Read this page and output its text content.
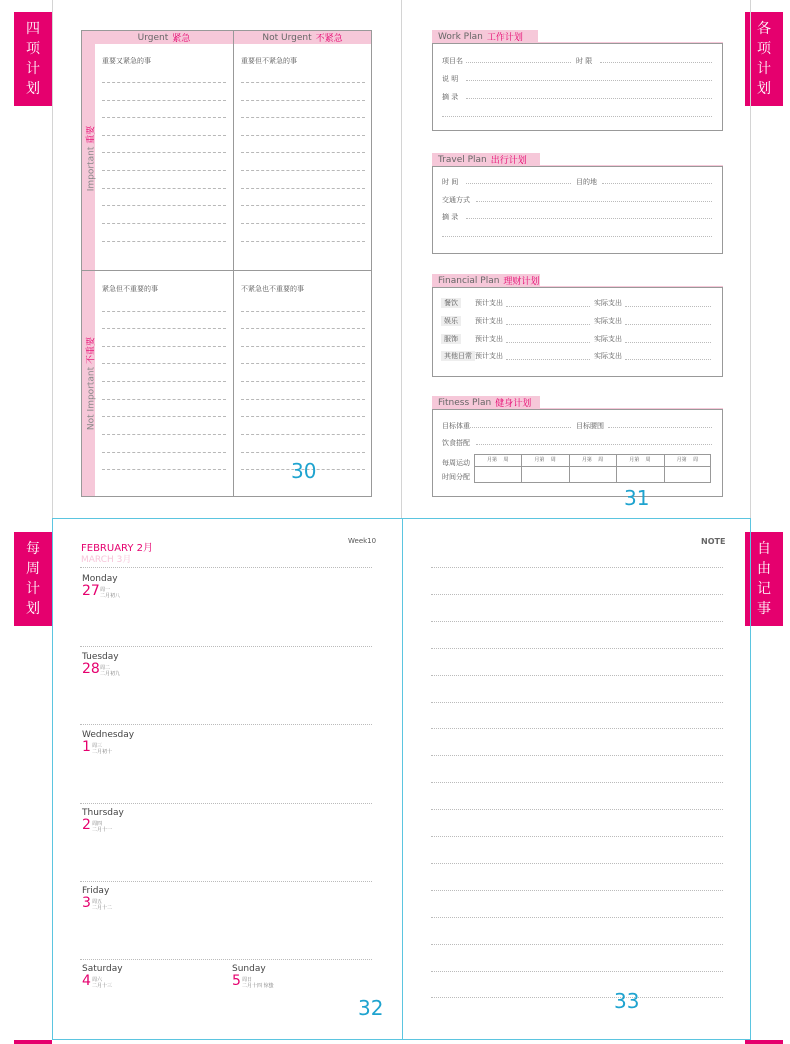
四
项
计
划
各
项
计
划
每
周
计
划
自
由
记
事
Urgent 紧急	Not Urgent 不紧急
Important 重要
Not Important 不重要
重要又紧急的事	重要但不紧急的事
紧急但不重要的事	不紧急也不重要的事
30
Work Plan 工作计划
项目名	时 限
说 明
摘 录
Travel Plan 出行计划
时 间	目的地
交通方式
摘 录
Financial Plan 理财计划
餐饮	预计支出	实际支出
娱乐	预计支出	实际支出
服饰	预计支出	实际支出
其他日常 预计支出	实际支出
Fitness Plan 健身计划
目标体重	目标腰围
饮食搭配
每周运动
时间分配
月第    周	月第    周	月第    周	月第    周	月第    周
31
FEBRUARY 2月
MARCH 3月
Week10
Monday
27 周一
二月初八
Tuesday
28 周二
二月初九
Wednesday
1 周三
二月初十
Thursday
2 周四
二月十一
Friday
3 周五
二月十二
Saturday
4 周六
二月十三
Sunday
5 周日
二月十四 惊蛰
32
NOTE
33
